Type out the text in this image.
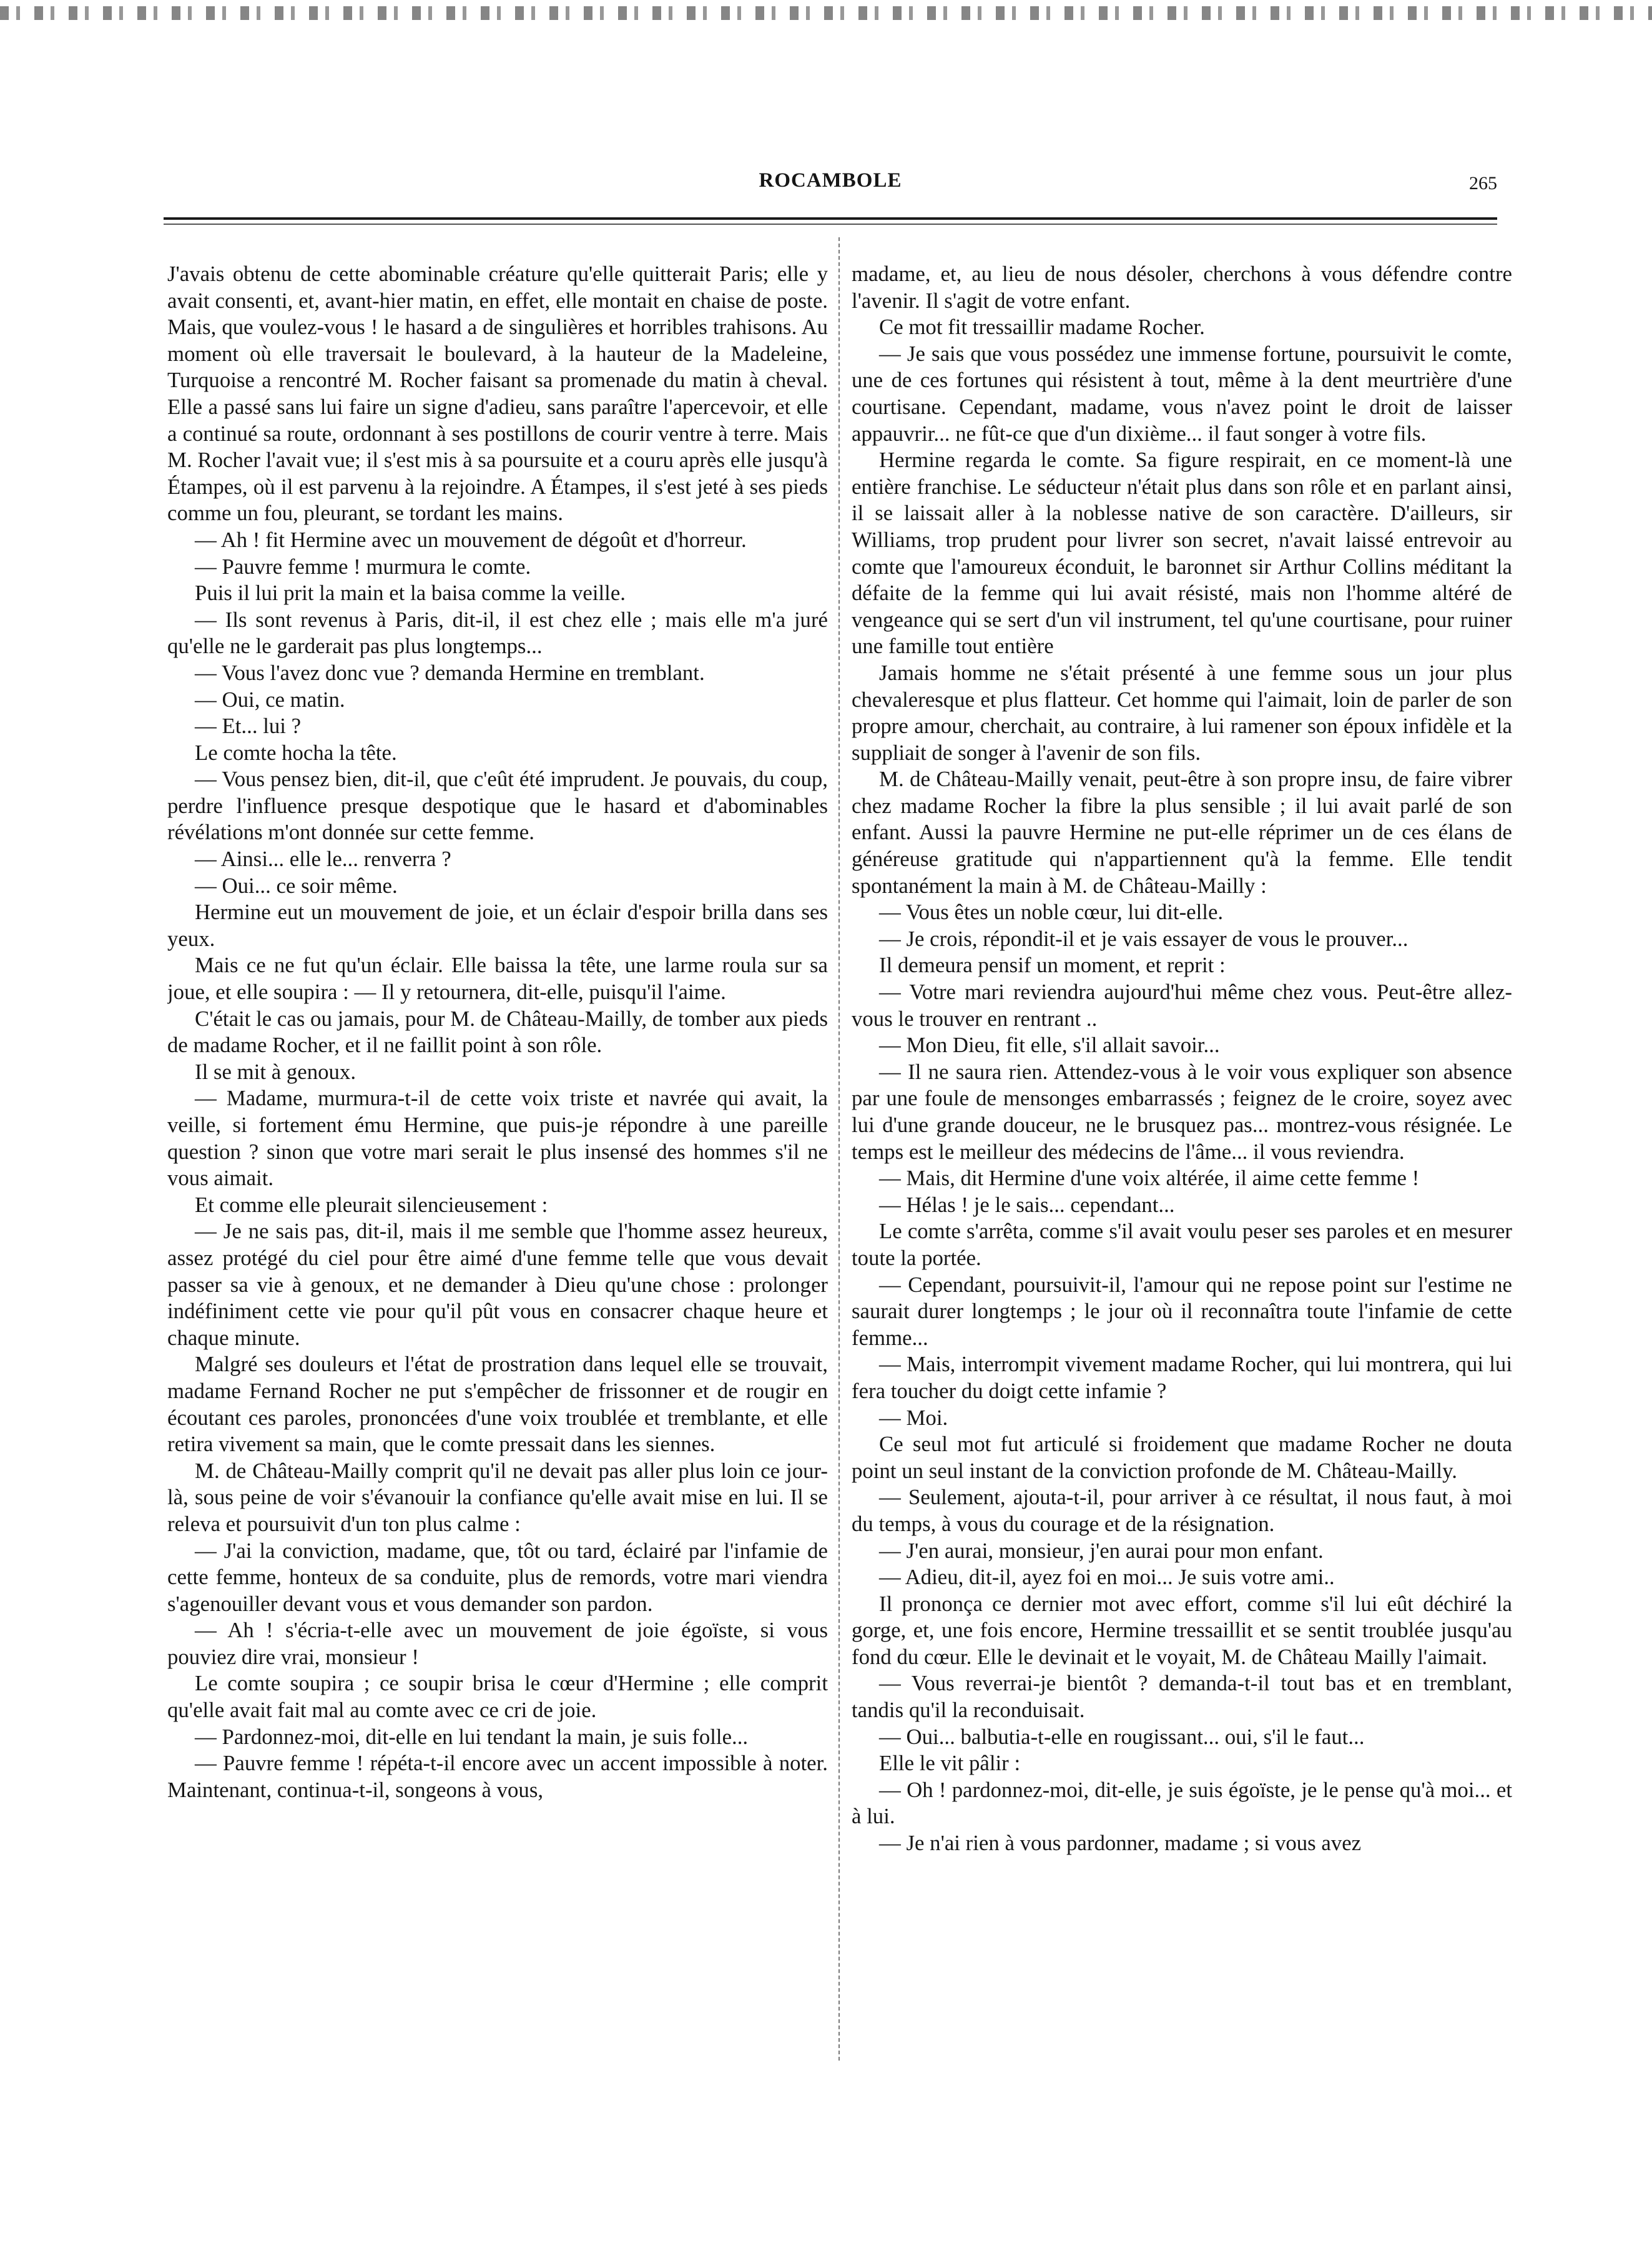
ROCAMBOLE	265

J'avais obtenu de cette abominable créature qu'elle quitterait Paris; elle y avait consenti, et, avant-hier matin, en effet, elle montait en chaise de poste. Mais, que voulez-vous ! le hasard a de singulières et horribles trahisons. Au moment où elle traversait le boulevard, à la hauteur de la Madeleine, Turquoise a rencontré M. Rocher faisant sa promenade du matin à cheval. Elle a passé sans lui faire un signe d'adieu, sans paraître l'apercevoir, et elle a continué sa route, ordonnant à ses postillons de courir ventre à terre. Mais M. Rocher l'avait vue; il s'est mis à sa poursuite et a couru après elle jusqu'à Étampes, où il est parvenu à la rejoindre. A Étampes, il s'est jeté à ses pieds comme un fou, pleurant, se tordant les mains.

— Ah ! fit Hermine avec un mouvement de dégoût et d'horreur.

— Pauvre femme ! murmura le comte.

Puis il lui prit la main et la baisa comme la veille.

— Ils sont revenus à Paris, dit-il, il est chez elle ; mais elle m'a juré qu'elle ne le garderait pas plus longtemps...

— Vous l'avez donc vue ? demanda Hermine en tremblant.

— Oui, ce matin.

— Et... lui ?

Le comte hocha la tête.

— Vous pensez bien, dit-il, que c'eût été imprudent. Je pouvais, du coup, perdre l'influence presque despotique que le hasard et d'abominables révélations m'ont donnée sur cette femme.

— Ainsi... elle le... renverra ?

— Oui... ce soir même.

Hermine eut un mouvement de joie, et un éclair d'espoir brilla dans ses yeux.

Mais ce ne fut qu'un éclair. Elle baissa la tête, une larme roula sur sa joue, et elle soupira : — Il y retournera, dit-elle, puisqu'il l'aime.

C'était le cas ou jamais, pour M. de Château-Mailly, de tomber aux pieds de madame Rocher, et il ne faillit point à son rôle.

Il se mit à genoux.

— Madame, murmura-t-il de cette voix triste et navrée qui avait, la veille, si fortement ému Hermine, que puis-je répondre à une pareille question ? sinon que votre mari serait le plus insensé des hommes s'il ne vous aimait.

Et comme elle pleurait silencieusement :

— Je ne sais pas, dit-il, mais il me semble que l'homme assez heureux, assez protégé du ciel pour être aimé d'une femme telle que vous devait passer sa vie à genoux, et ne demander à Dieu qu'une chose : prolonger indéfiniment cette vie pour qu'il pût vous en consacrer chaque heure et chaque minute.

Malgré ses douleurs et l'état de prostration dans lequel elle se trouvait, madame Fernand Rocher ne put s'empêcher de frissonner et de rougir en écoutant ces paroles, prononcées d'une voix troublée et tremblante, et elle retira vivement sa main, que le comte pressait dans les siennes.

M. de Château-Mailly comprit qu'il ne devait pas aller plus loin ce jour-là, sous peine de voir s'évanouir la confiance qu'elle avait mise en lui. Il se releva et poursuivit d'un ton plus calme :

— J'ai la conviction, madame, que, tôt ou tard, éclairé par l'infamie de cette femme, honteux de sa conduite, plus de remords, votre mari viendra s'agenouiller devant vous et vous demander son pardon.

— Ah ! s'écria-t-elle avec un mouvement de joie égoïste, si vous pouviez dire vrai, monsieur !

Le comte soupira ; ce soupir brisa le cœur d'Hermine ; elle comprit qu'elle avait fait mal au comte avec ce cri de joie.

— Pardonnez-moi, dit-elle en lui tendant la main, je suis folle...

— Pauvre femme ! répéta-t-il encore avec un accent impossible à noter. Maintenant, continua-t-il, songeons à vous,

madame, et, au lieu de nous désoler, cherchons à vous défendre contre l'avenir. Il s'agit de votre enfant.

Ce mot fit tressaillir madame Rocher.

— Je sais que vous possédez une immense fortune, poursuivit le comte, une de ces fortunes qui résistent à tout, même à la dent meurtrière d'une courtisane. Cependant, madame, vous n'avez point le droit de laisser appauvrir... ne fût-ce que d'un dixième... il faut songer à votre fils.

Hermine regarda le comte. Sa figure respirait, en ce moment-là une entière franchise. Le séducteur n'était plus dans son rôle et en parlant ainsi, il se laissait aller à la noblesse native de son caractère. D'ailleurs, sir Williams, trop prudent pour livrer son secret, n'avait laissé entrevoir au comte que l'amoureux éconduit, le baronnet sir Arthur Collins méditant la défaite de la femme qui lui avait résisté, mais non l'homme altéré de vengeance qui se sert d'un vil instrument, tel qu'une courtisane, pour ruiner une famille tout entière

Jamais homme ne s'était présenté à une femme sous un jour plus chevaleresque et plus flatteur. Cet homme qui l'aimait, loin de parler de son propre amour, cherchait, au contraire, à lui ramener son époux infidèle et la suppliait de songer à l'avenir de son fils.

M. de Château-Mailly venait, peut-être à son propre insu, de faire vibrer chez madame Rocher la fibre la plus sensible ; il lui avait parlé de son enfant. Aussi la pauvre Hermine ne put-elle réprimer un de ces élans de généreuse gratitude qui n'appartiennent qu'à la femme. Elle tendit spontanément la main à M. de Château-Mailly :

— Vous êtes un noble cœur, lui dit-elle.

— Je crois, répondit-il et je vais essayer de vous le prouver...

Il demeura pensif un moment, et reprit :

— Votre mari reviendra aujourd'hui même chez vous. Peut-être allez-vous le trouver en rentrant ..

— Mon Dieu, fit elle, s'il allait savoir...

— Il ne saura rien. Attendez-vous à le voir vous expliquer son absence par une foule de mensonges embarrassés ; feignez de le croire, soyez avec lui d'une grande douceur, ne le brusquez pas... montrez-vous résignée. Le temps est le meilleur des médecins de l'âme... il vous reviendra.

— Mais, dit Hermine d'une voix altérée, il aime cette femme !

— Hélas ! je le sais... cependant...

Le comte s'arrêta, comme s'il avait voulu peser ses paroles et en mesurer toute la portée.

— Cependant, poursuivit-il, l'amour qui ne repose point sur l'estime ne saurait durer longtemps ; le jour où il reconnaîtra toute l'infamie de cette femme...

— Mais, interrompit vivement madame Rocher, qui lui montrera, qui lui fera toucher du doigt cette infamie ?

— Moi.

Ce seul mot fut articulé si froidement que madame Rocher ne douta point un seul instant de la conviction profonde de M. Château-Mailly.

— Seulement, ajouta-t-il, pour arriver à ce résultat, il nous faut, à moi du temps, à vous du courage et de la résignation.

— J'en aurai, monsieur, j'en aurai pour mon enfant.

— Adieu, dit-il, ayez foi en moi... Je suis votre ami..

Il prononça ce dernier mot avec effort, comme s'il lui eût déchiré la gorge, et, une fois encore, Hermine tressaillit et se sentit troublée jusqu'au fond du cœur. Elle le devinait et le voyait, M. de Château Mailly l'aimait.

— Vous reverrai-je bientôt ? demanda-t-il tout bas et en tremblant, tandis qu'il la reconduisait.

— Oui... balbutia-t-elle en rougissant... oui, s'il le faut...

Elle le vit pâlir :

— Oh ! pardonnez-moi, dit-elle, je suis égoïste, je le pense qu'à moi... et à lui.

— Je n'ai rien à vous pardonner, madame ; si vous avez
